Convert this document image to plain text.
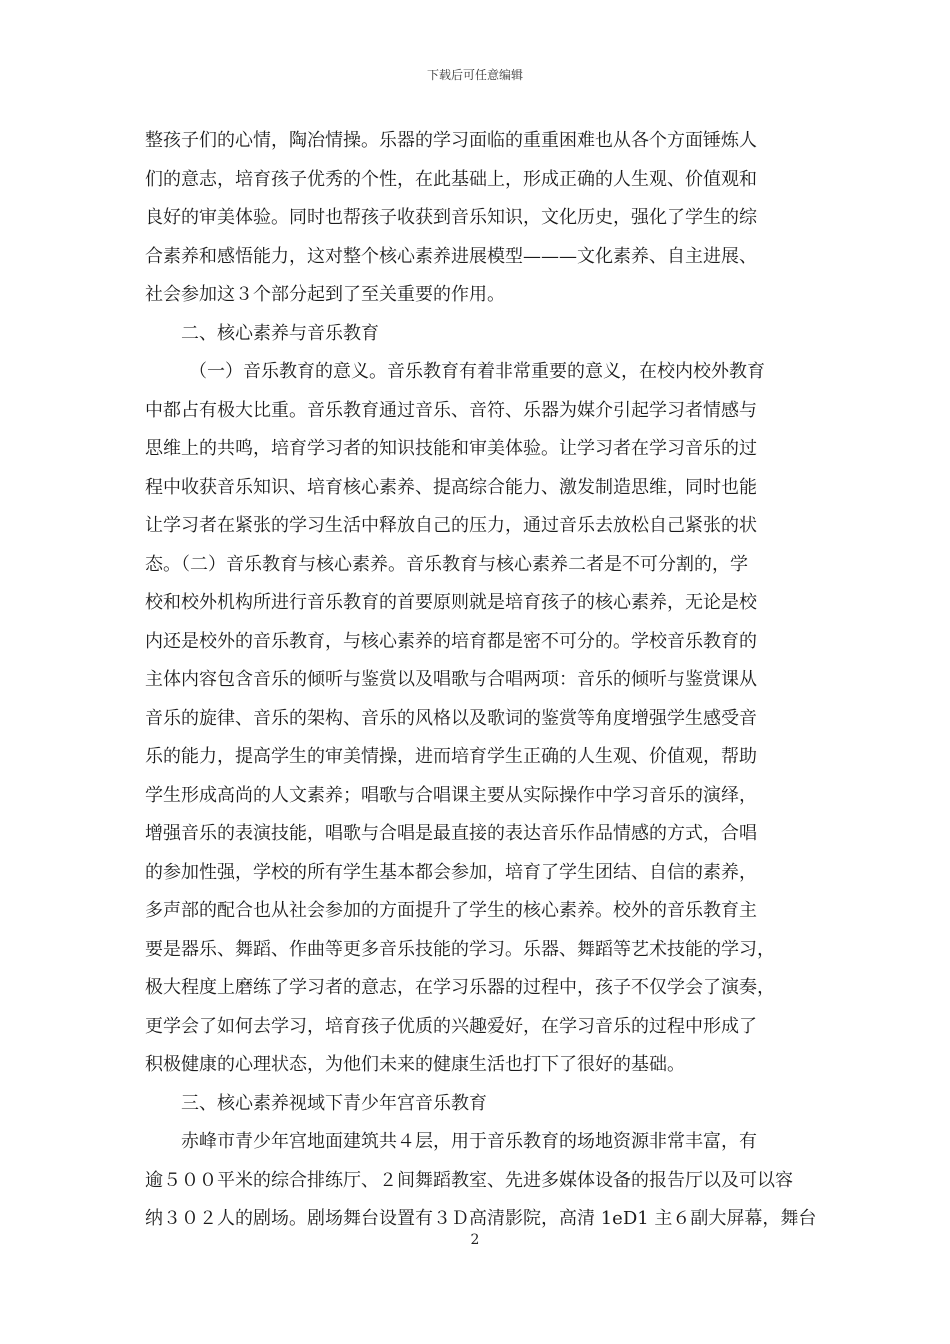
下载后可任意编辑
整孩子们的心情，陶冶情操。乐器的学习面临的重重困难也从各个方面锤炼人
们的意志，培育孩子优秀的个性，在此基础上，形成正确的人生观、价值观和
良好的审美体验。同时也帮孩子收获到音乐知识，文化历史，强化了学生的综
合素养和感悟能力，这对整个核心素养进展模型———文化素养、自主进展、
社会参加这３个部分起到了至关重要的作用。
二、核心素养与音乐教育
（一）音乐教育的意义。音乐教育有着非常重要的意义，在校内校外教育
中都占有极大比重。音乐教育通过音乐、音符、乐器为媒介引起学习者情感与
思维上的共鸣，培育学习者的知识技能和审美体验。让学习者在学习音乐的过
程中收获音乐知识、培育核心素养、提高综合能力、激发制造思维，同时也能
让学习者在紧张的学习生活中释放自己的压力，通过音乐去放松自己紧张的状
态。（二）音乐教育与核心素养。音乐教育与核心素养二者是不可分割的，学
校和校外机构所进行音乐教育的首要原则就是培育孩子的核心素养，无论是校
内还是校外的音乐教育，与核心素养的培育都是密不可分的。学校音乐教育的
主体内容包含音乐的倾听与鉴赏以及唱歌与合唱两项：音乐的倾听与鉴赏课从
音乐的旋律、音乐的架构、音乐的风格以及歌词的鉴赏等角度增强学生感受音
乐的能力，提高学生的审美情操，进而培育学生正确的人生观、价值观，帮助
学生形成高尚的人文素养；唱歌与合唱课主要从实际操作中学习音乐的演绎，
增强音乐的表演技能，唱歌与合唱是最直接的表达音乐作品情感的方式，合唱
的参加性强，学校的所有学生基本都会参加，培育了学生团结、自信的素养，
多声部的配合也从社会参加的方面提升了学生的核心素养。校外的音乐教育主
要是器乐、舞蹈、作曲等更多音乐技能的学习。乐器、舞蹈等艺术技能的学习，
极大程度上磨练了学习者的意志，在学习乐器的过程中，孩子不仅学会了演奏，
更学会了如何去学习，培育孩子优质的兴趣爱好，在学习音乐的过程中形成了
积极健康的心理状态，为他们未来的健康生活也打下了很好的基础。
三、核心素养视域下青少年宫音乐教育
赤峰市青少年宫地面建筑共４层，用于音乐教育的场地资源非常丰富，有
逾５００平米的综合排练厅、２间舞蹈教室、先进多媒体设备的报告厅以及可以容
纳３０２人的剧场。剧场舞台设置有３Ｄ高清影院，高清 1eD1 主６副大屏幕，舞台
2
